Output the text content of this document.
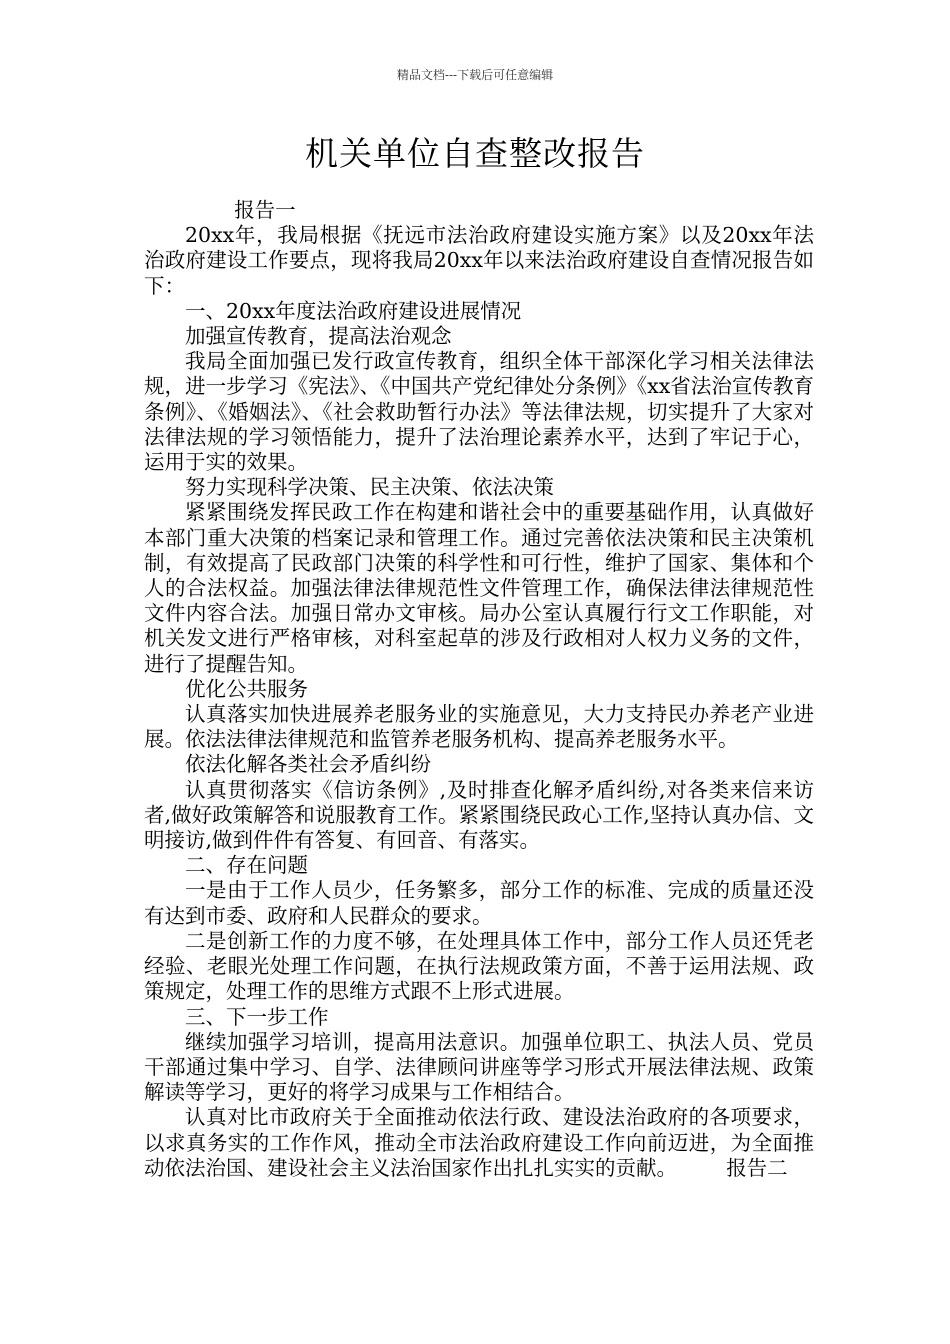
精品文档---下载后可任意编辑
机关单位自查整改报告

报告一

20xx年，我局根据《抚远市法治政府建设实施方案》以及20xx年法治政府建设工作要点，现将我局20xx年以来法治政府建设自查情况报告如下：

一、20xx年度法治政府建设进展情况

加强宣传教育，提高法治观念

我局全面加强已发行政宣传教育，组织全体干部深化学习相关法律法规，进一步学习《宪法》、《中国共产党纪律处分条例》《xx省法治宣传教育条例》、《婚姻法》、《社会救助暂行办法》等法律法规，切实提升了大家对法律法规的学习领悟能力，提升了法治理论素养水平，达到了牢记于心，运用于实的效果。

努力实现科学决策、民主决策、依法决策

紧紧围绕发挥民政工作在构建和谐社会中的重要基础作用，认真做好本部门重大决策的档案记录和管理工作。通过完善依法决策和民主决策机制，有效提高了民政部门决策的科学性和可行性，维护了国家、集体和个人的合法权益。加强法律法律规范性文件管理工作，确保法律法律规范性文件内容合法。加强日常办文审核。局办公室认真履行行文工作职能，对机关发文进行严格审核，对科室起草的涉及行政相对人权力义务的文件，进行了提醒告知。

优化公共服务

认真落实加快进展养老服务业的实施意见，大力支持民办养老产业进展。依法法律法律规范和监管养老服务机构、提高养老服务水平。

依法化解各类社会矛盾纠纷

认真贯彻落实《信访条例》,及时排查化解矛盾纠纷,对各类来信来访者,做好政策解答和说服教育工作。紧紧围绕民政心工作,坚持认真办信、文明接访,做到件件有答复、有回音、有落实。

二、存在问题

一是由于工作人员少，任务繁多，部分工作的标准、完成的质量还没有达到市委、政府和人民群众的要求。

二是创新工作的力度不够，在处理具体工作中，部分工作人员还凭老经验、老眼光处理工作问题，在执行法规政策方面，不善于运用法规、政策规定，处理工作的思维方式跟不上形式进展。

三、下一步工作

继续加强学习培训，提高用法意识。加强单位职工、执法人员、党员干部通过集中学习、自学、法律顾问讲座等学习形式开展法律法规、政策解读等学习，更好的将学习成果与工作相结合。

认真对比市政府关于全面推动依法行政、建设法治政府的各项要求，以求真务实的工作作风，推动全市法治政府建设工作向前迈进，为全面推动依法治国、建设社会主义法治国家作出扎扎实实的贡献。 报告二
